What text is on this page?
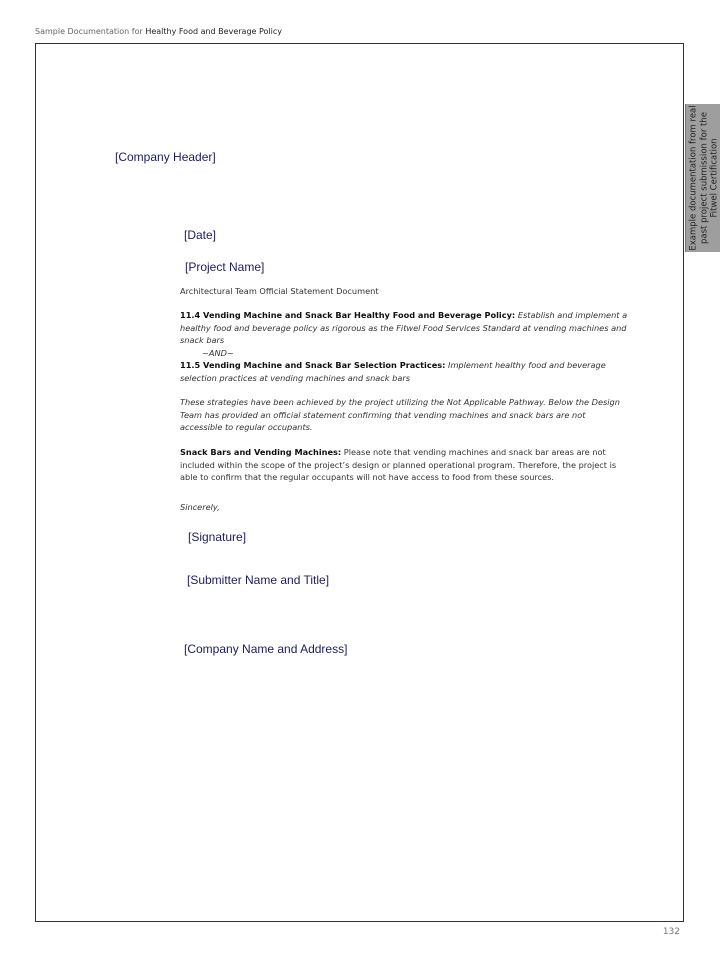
Sample Documentation for Healthy Food and Beverage Policy
Example documentation from real past project submission for the Fitwel Certification
[Company Header]
[Date]
[Project Name]
Architectural Team Official Statement Document
11.4 Vending Machine and Snack Bar Healthy Food and Beverage Policy: Establish and implement a healthy food and beverage policy as rigorous as the Fitwel Food Services Standard at vending machines and snack bars
~AND~
11.5 Vending Machine and Snack Bar Selection Practices: Implement healthy food and beverage selection practices at vending machines and snack bars
These strategies have been achieved by the project utilizing the Not Applicable Pathway. Below the Design Team has provided an official statement confirming that vending machines and snack bars are not accessible to regular occupants.
Snack Bars and Vending Machines: Please note that vending machines and snack bar areas are not included within the scope of the project’s design or planned operational program. Therefore, the project is able to confirm that the regular occupants will not have access to food from these sources.
Sincerely,
[Signature]
[Submitter Name and Title]
[Company Name and Address]
132
